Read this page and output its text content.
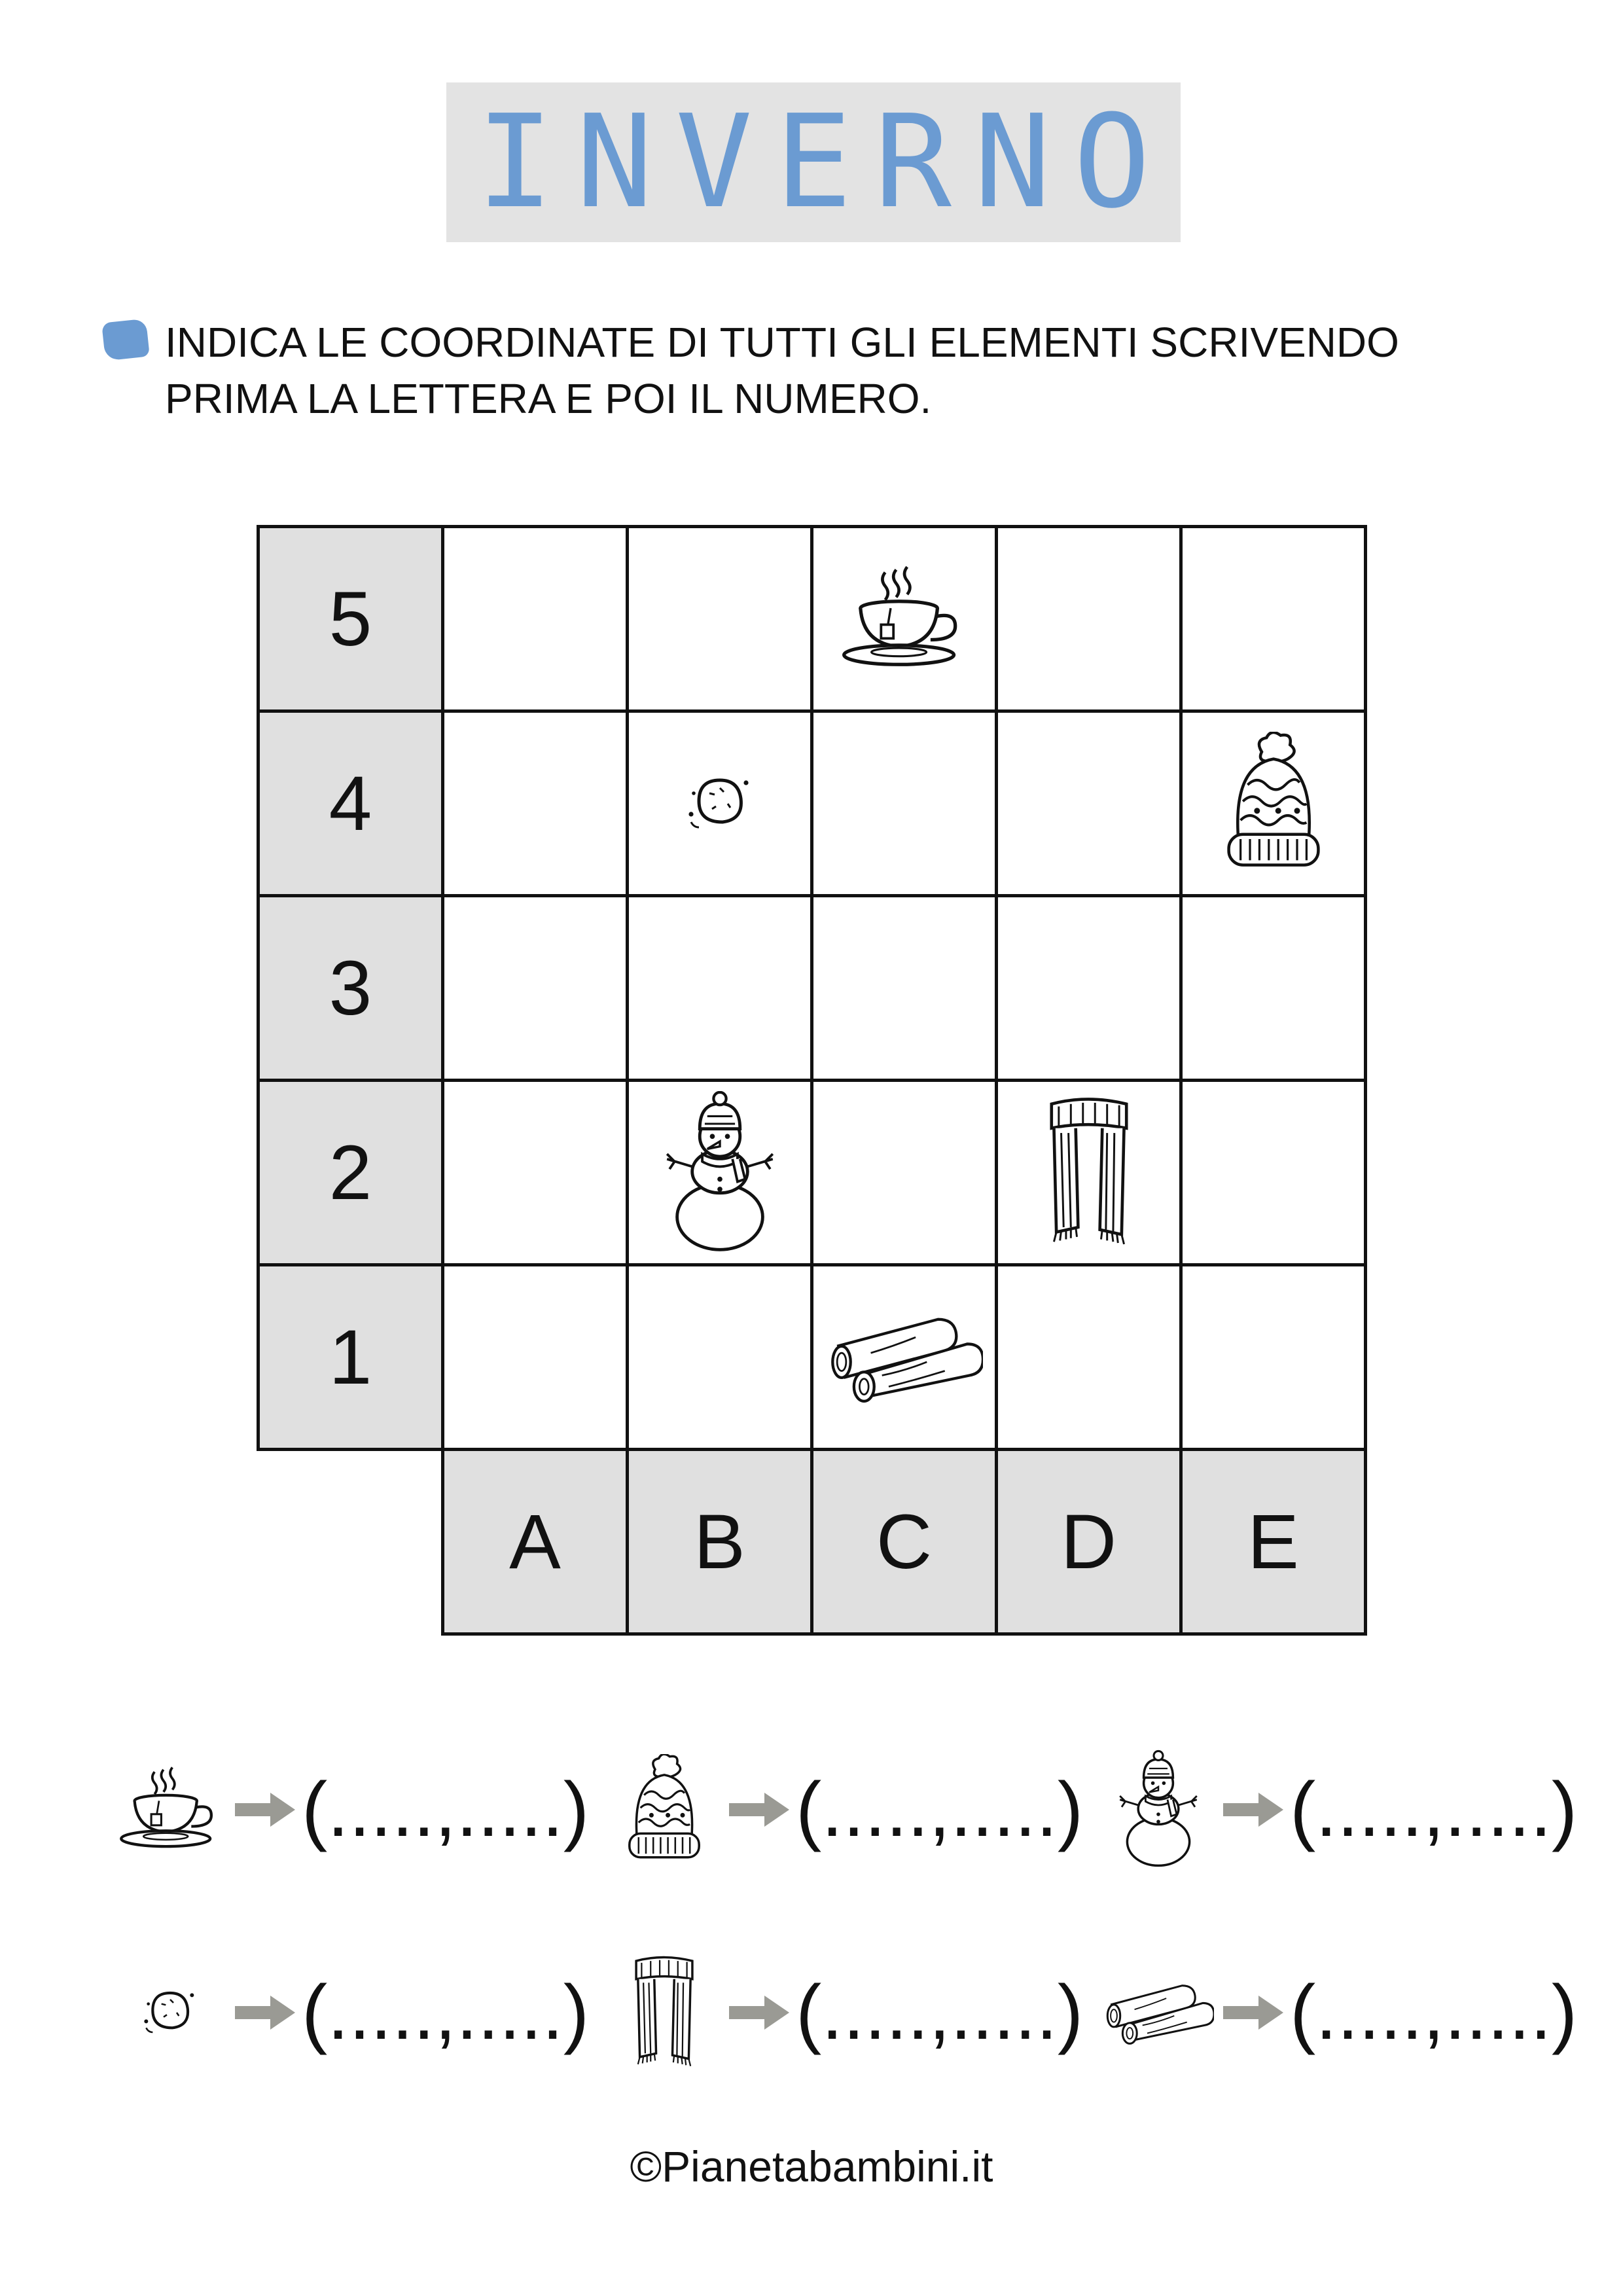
INVERNO
INDICA LE COORDINATE DI TUTTI GLI ELEMENTI SCRIVENDO PRIMA LA LETTERA E POI IL NUMERO.
5
4
3
2
1
A B C D E
(.....,.....)	(.....,.....)	(.....,.....)
(.....,.....)	(.....,.....)	(.....,.....)
©Pianetabambini.it
